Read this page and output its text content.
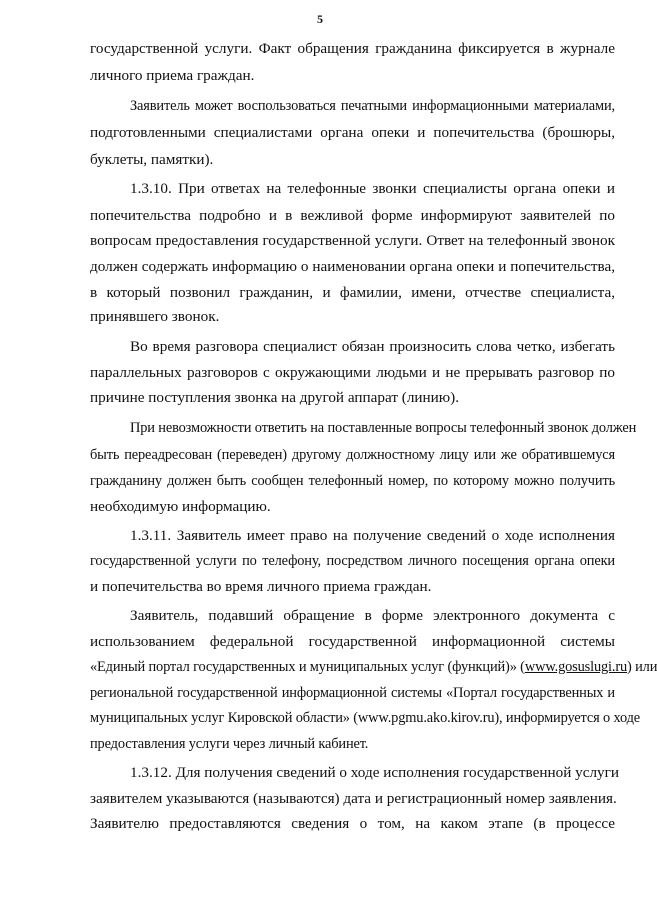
5
государственной услуги. Факт обращения гражданина фиксируется в журнале
личного приема граждан.
Заявитель может воспользоваться печатными информационными материалами,
подготовленными специалистами органа опеки и попечительства (брошюры,
буклеты, памятки).
1.3.10. При ответах на телефонные звонки специалисты органа опеки и
попечительства подробно и в вежливой форме информируют заявителей по
вопросам предоставления государственной услуги. Ответ на телефонный звонок
должен содержать информацию о наименовании органа опеки и попечительства,
в который позвонил гражданин, и фамилии, имени, отчестве специалиста,
принявшего звонок.
Во время разговора специалист обязан произносить слова четко, избегать
параллельных разговоров с окружающими людьми и не прерывать разговор по
причине поступления звонка на другой аппарат (линию).
При невозможности ответить на поставленные вопросы телефонный звонок должен
быть переадресован (переведен) другому должностному лицу или же обратившемуся
гражданину должен быть сообщен телефонный номер, по которому можно получить
необходимую информацию.
1.3.11. Заявитель имеет право на получение сведений о ходе исполнения
государственной услуги по телефону, посредством личного посещения органа опеки
и попечительства во время личного приема граждан.
Заявитель, подавший обращение в форме электронного документа с
использованием федеральной государственной информационной системы
«Единый портал государственных и муниципальных услуг (функций)» (www.gosuslugi.ru) или
региональной государственной информационной системы «Портал государственных и
муниципальных услуг Кировской области» (www.pgmu.ako.kirov.ru), информируется о ходе
предоставления услуги через личный кабинет.
1.3.12. Для получения сведений о ходе исполнения государственной услуги
заявителем указываются (называются) дата и регистрационный номер заявления.
Заявителю предоставляются сведения о том, на каком этапе (в процессе
